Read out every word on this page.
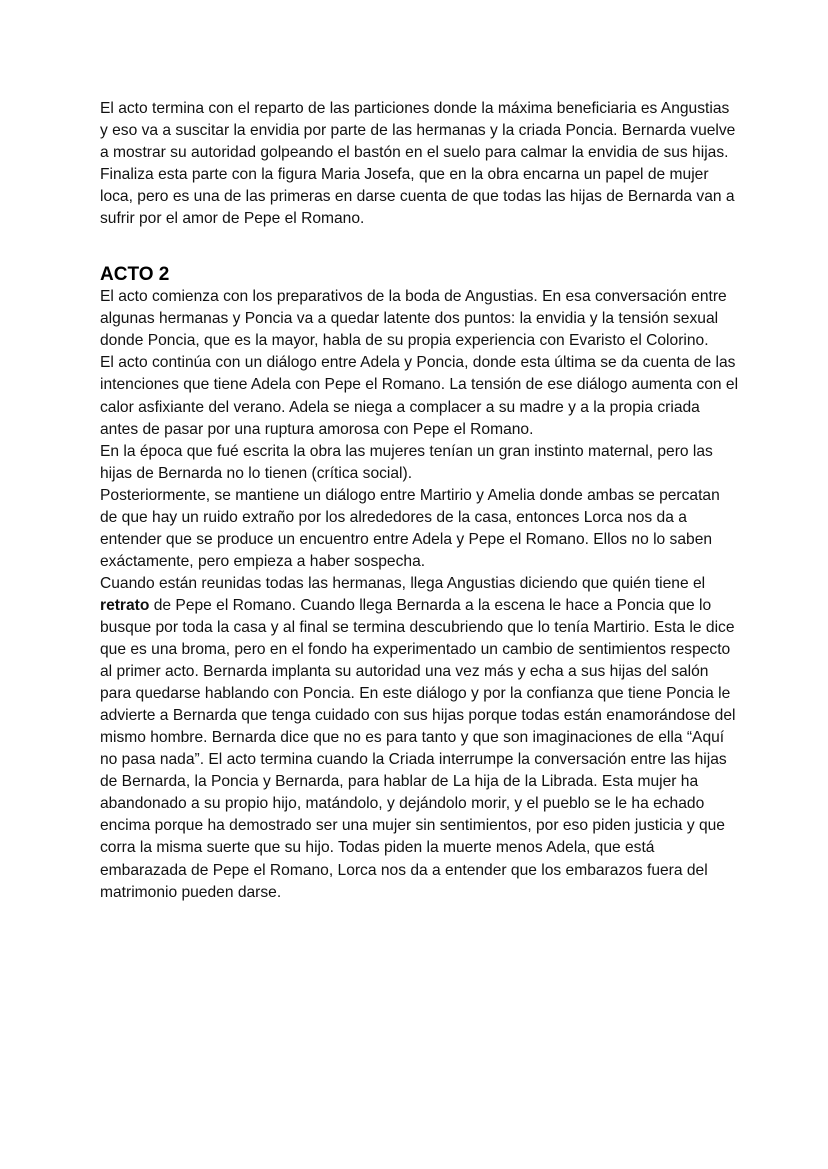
El acto termina con el reparto de las particiones donde la máxima beneficiaria es Angustias y eso va a suscitar la envidia por parte de las hermanas y la criada Poncia. Bernarda vuelve a mostrar su autoridad golpeando el bastón en el suelo para calmar la envidia de sus hijas. Finaliza esta parte con la figura Maria Josefa, que en la obra encarna un papel de mujer loca, pero es una de las primeras en darse cuenta de que todas las hijas de Bernarda van a sufrir por el amor de Pepe el Romano.

ACTO 2

El acto comienza con los preparativos de la boda de Angustias. En esa conversación entre algunas hermanas y Poncia va a quedar latente dos puntos: la envidia y la tensión sexual donde Poncia, que es la mayor, habla de su propia experiencia con Evaristo el Colorino.

El acto continúa con un diálogo entre Adela y Poncia, donde esta última se da cuenta de las intenciones que tiene Adela con Pepe el Romano. La tensión de ese diálogo aumenta con el calor asfixiante del verano. Adela se niega a complacer a su madre y a la propia criada antes de pasar por una ruptura amorosa con Pepe el Romano.

En la época que fué escrita la obra las mujeres tenían un gran instinto maternal, pero las hijas de Bernarda no lo tienen (crítica social).

Posteriormente, se mantiene un diálogo entre Martirio y Amelia donde ambas se percatan de que hay un ruido extraño por los alrededores de la casa, entonces Lorca nos da a entender que se produce un encuentro entre Adela y Pepe el Romano. Ellos no lo saben exáctamente, pero empieza a haber sospecha.

Cuando están reunidas todas las hermanas, llega Angustias diciendo que quién tiene el retrato de Pepe el Romano. Cuando llega Bernarda a la escena le hace a Poncia que lo busque por toda la casa y al final se termina descubriendo que lo tenía Martirio. Esta le dice que es una broma, pero en el fondo ha experimentado un cambio de sentimientos respecto al primer acto. Bernarda implanta su autoridad una vez más y echa a sus hijas del salón para quedarse hablando con Poncia. En este diálogo y por la confianza que tiene Poncia le advierte a Bernarda que tenga cuidado con sus hijas porque todas están enamorándose del mismo hombre. Bernarda dice que no es para tanto y que son imaginaciones de ella “Aquí no pasa nada”. El acto termina cuando la Criada interrumpe la conversación entre las hijas de Bernarda, la Poncia y Bernarda, para hablar de La hija de la Librada. Esta mujer ha abandonado a su propio hijo, matándolo, y dejándolo morir, y el pueblo se le ha echado encima porque ha demostrado ser una mujer sin sentimientos, por eso piden justicia y que corra la misma suerte que su hijo. Todas piden la muerte menos Adela, que está embarazada de Pepe el Romano, Lorca nos da a entender que los embarazos fuera del matrimonio pueden darse.
